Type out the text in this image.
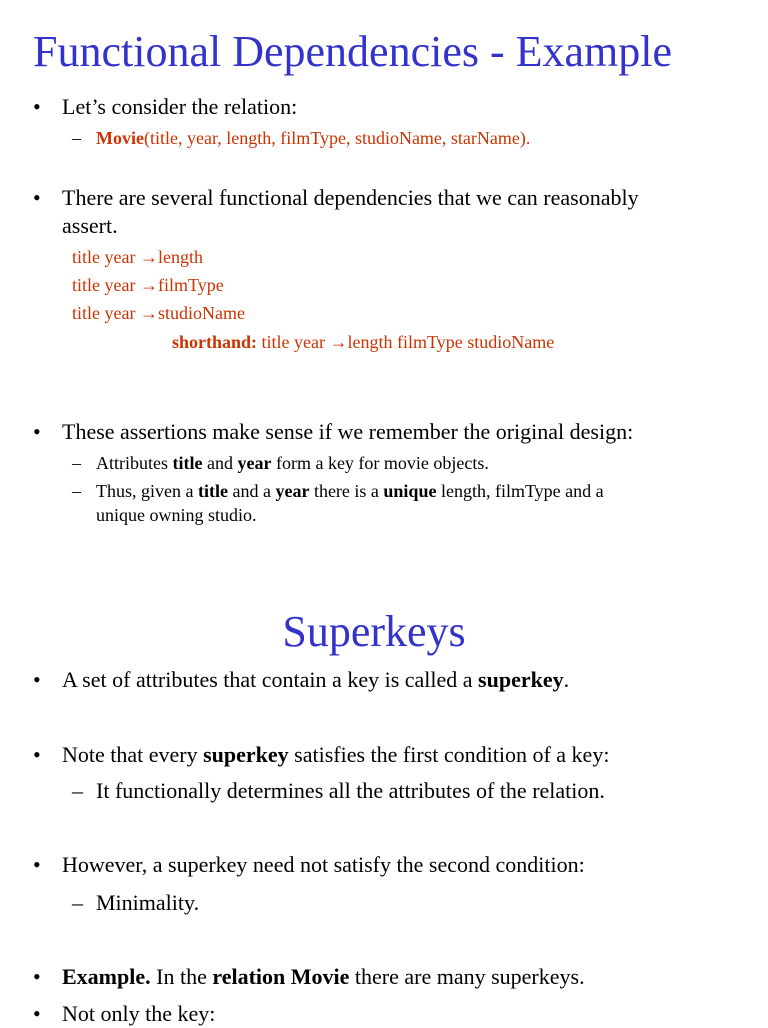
Functional Dependencies - Example
• Let’s consider the relation:
– Movie(title, year, length, filmType, studioName, starName).
• There are several functional dependencies that we can reasonably
assert.
title year →length
title year →filmType
title year →studioName
shorthand: title year →length filmType studioName
• These assertions make sense if we remember the original design:
– Attributes title and year form a key for movie objects.
– Thus, given a title and a year there is a unique length, filmType and a
unique owning studio.
Superkeys
• A set of attributes that contain a key is called a superkey.
• Note that every superkey satisfies the first condition of a key:
– It functionally determines all the attributes of the relation.
• However, a superkey need not satisfy the second condition:
– Minimality.
• Example. In the relation Movie there are many superkeys.
• Not only the key:
